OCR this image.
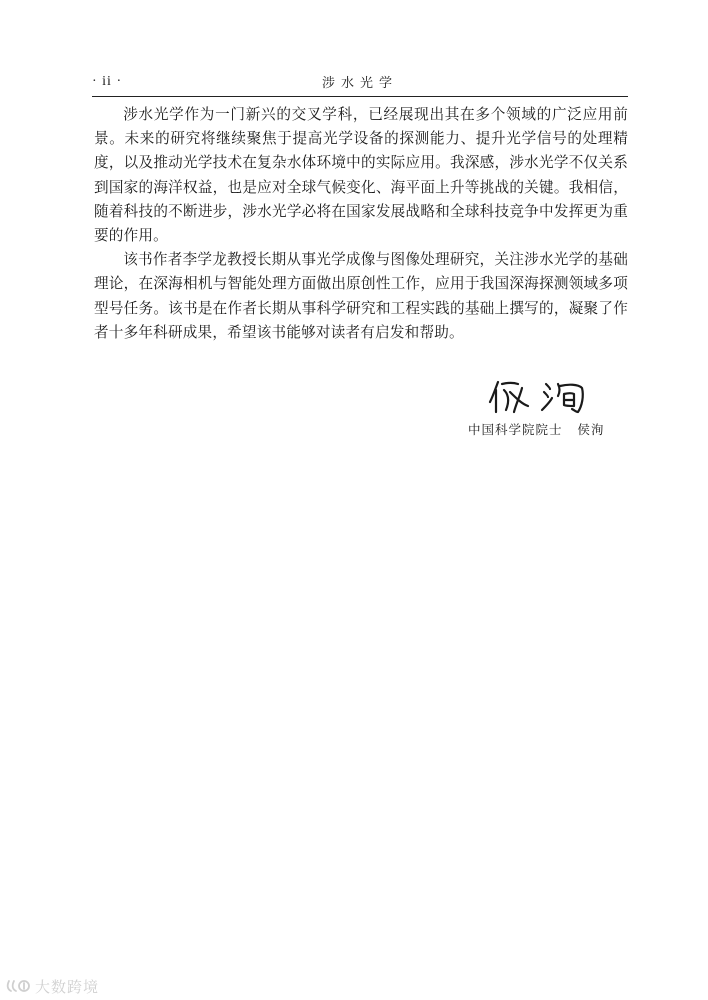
· ii ·	涉水光学

涉水光学作为一门新兴的交叉学科，已经展现出其在多个领域的广泛应用前景。未来的研究将继续聚焦于提高光学设备的探测能力、提升光学信号的处理精度，以及推动光学技术在复杂水体环境中的实际应用。我深感，涉水光学不仅关系到国家的海洋权益，也是应对全球气候变化、海平面上升等挑战的关键。我相信，随着科技的不断进步，涉水光学必将在国家发展战略和全球科技竞争中发挥更为重要的作用。

该书作者李学龙教授长期从事光学成像与图像处理研究，关注涉水光学的基础理论，在深海相机与智能处理方面做出原创性工作，应用于我国深海探测领域多项型号任务。该书是在作者长期从事科学研究和工程实践的基础上撰写的，凝聚了作者十多年科研成果，希望该书能够对读者有启发和帮助。

中国科学院院士   侯洵
大数跨境
